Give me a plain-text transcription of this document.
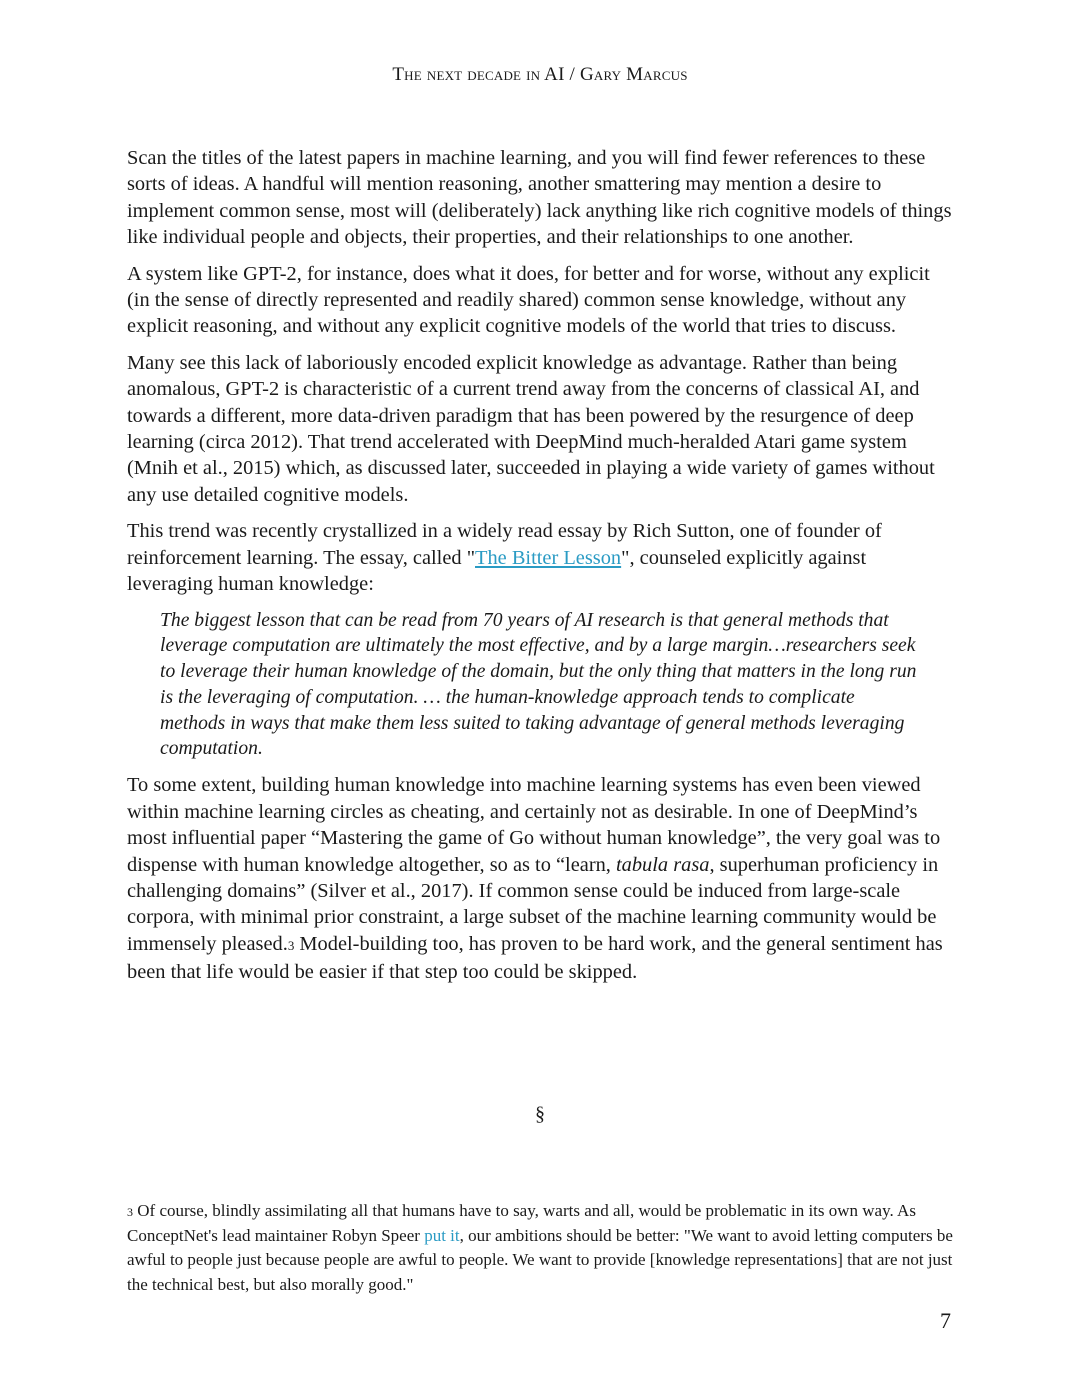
The next decade in AI / Gary Marcus

Scan the titles of the latest papers in machine learning, and you will find fewer references to these sorts of ideas. A handful will mention reasoning, another smattering may mention a desire to implement common sense, most will (deliberately) lack anything like rich cognitive models of things like individual people and objects, their properties, and their relationships to one another.

A system like GPT-2, for instance, does what it does, for better and for worse, without any explicit (in the sense of directly represented and readily shared) common sense knowledge, without any explicit reasoning, and without any explicit cognitive models of the world that tries to discuss.

Many see this lack of laboriously encoded explicit knowledge as advantage. Rather than being anomalous, GPT-2 is characteristic of a current trend away from the concerns of classical AI, and towards a different, more data-driven paradigm that has been powered by the resurgence of deep learning (circa 2012). That trend accelerated with DeepMind much-heralded Atari game system (Mnih et al., 2015) which, as discussed later, succeeded in playing a wide variety of games without any use detailed cognitive models.

This trend was recently crystallized in a widely read essay by Rich Sutton, one of founder of reinforcement learning. The essay, called "The Bitter Lesson", counseled explicitly against leveraging human knowledge:

The biggest lesson that can be read from 70 years of AI research is that general methods that leverage computation are ultimately the most effective, and by a large margin…researchers seek to leverage their human knowledge of the domain, but the only thing that matters in the long run is the leveraging of computation. … the human-knowledge approach tends to complicate methods in ways that make them less suited to taking advantage of general methods leveraging computation.

To some extent, building human knowledge into machine learning systems has even been viewed within machine learning circles as cheating, and certainly not as desirable. In one of DeepMind’s most influential paper “Mastering the game of Go without human knowledge”, the very goal was to dispense with human knowledge altogether, so as to “learn, tabula rasa, superhuman proficiency in challenging domains” (Silver et al., 2017). If common sense could be induced from large-scale corpora, with minimal prior constraint, a large subset of the machine learning community would be immensely pleased.3 Model-building too, has proven to be hard work, and the general sentiment has been that life would be easier if that step too could be skipped.

§
3 Of course, blindly assimilating all that humans have to say, warts and all, would be problematic in its own way. As ConceptNet's lead maintainer Robyn Speer put it, our ambitions should be better: "We want to avoid letting computers be awful to people just because people are awful to people. We want to provide [knowledge representations] that are not just the technical best, but also morally good."
7
